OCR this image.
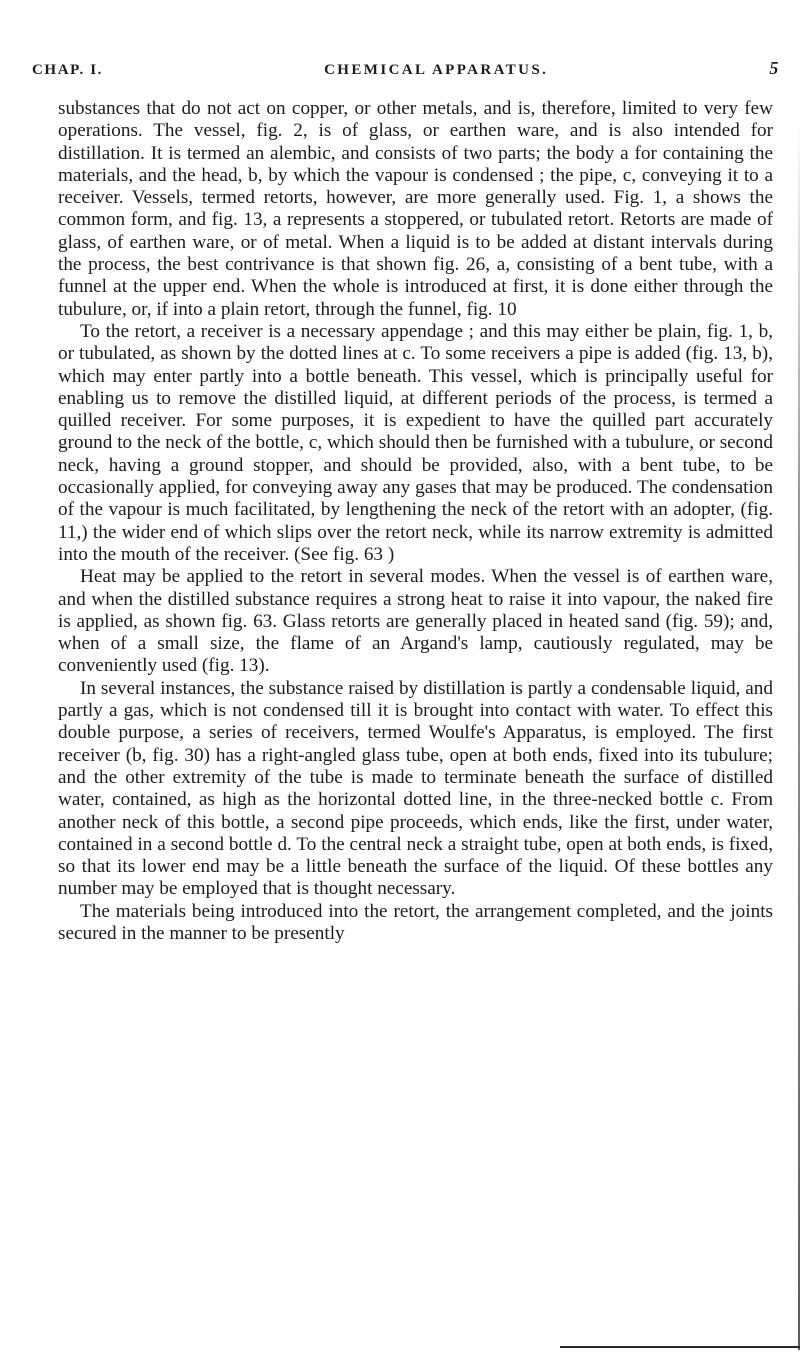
CHAP. I.	CHEMICAL APPARATUS.	5

substances that do not act on copper, or other metals, and is, therefore, limited to very few operations. The vessel, fig. 2, is of glass, or earthen ware, and is also intended for distillation. It is termed an alembic, and consists of two parts; the body a for containing the materials, and the head, b, by which the vapour is condensed ; the pipe, c, conveying it to a receiver. Vessels, termed retorts, however, are more generally used. Fig. 1, a shows the common form, and fig. 13, a represents a stoppered, or tubulated retort. Retorts are made of glass, of earthen ware, or of metal. When a liquid is to be added at distant intervals during the process, the best contrivance is that shown fig. 26, a, consisting of a bent tube, with a funnel at the upper end. When the whole is introduced at first, it is done either through the tubulure, or, if into a plain retort, through the funnel, fig. 10

To the retort, a receiver is a necessary appendage ; and this may either be plain, fig. 1, b, or tubulated, as shown by the dotted lines at c. To some receivers a pipe is added (fig. 13, b), which may enter partly into a bottle beneath. This vessel, which is principally useful for enabling us to remove the distilled liquid, at different periods of the process, is termed a quilled receiver. For some purposes, it is expedient to have the quilled part accurately ground to the neck of the bottle, c, which should then be furnished with a tubulure, or second neck, having a ground stopper, and should be provided, also, with a bent tube, to be occasionally applied, for conveying away any gases that may be produced. The condensation of the vapour is much facilitated, by lengthening the neck of the retort with an adopter, (fig. 11,) the wider end of which slips over the retort neck, while its narrow extremity is admitted into the mouth of the receiver. (See fig. 63 )

Heat may be applied to the retort in several modes. When the vessel is of earthen ware, and when the distilled substance requires a strong heat to raise it into vapour, the naked fire is applied, as shown fig. 63. Glass retorts are generally placed in heated sand (fig. 59); and, when of a small size, the flame of an Argand's lamp, cautiously regulated, may be conveniently used (fig. 13).

In several instances, the substance raised by distillation is partly a condensable liquid, and partly a gas, which is not condensed till it is brought into contact with water. To effect this double purpose, a series of receivers, termed Woulfe's Apparatus, is employed. The first receiver (b, fig. 30) has a right-angled glass tube, open at both ends, fixed into its tubulure; and the other extremity of the tube is made to terminate beneath the surface of distilled water, contained, as high as the horizontal dotted line, in the three-necked bottle c. From another neck of this bottle, a second pipe proceeds, which ends, like the first, under water, contained in a second bottle d. To the central neck a straight tube, open at both ends, is fixed, so that its lower end may be a little beneath the surface of the liquid. Of these bottles any number may be employed that is thought necessary.

The materials being introduced into the retort, the arrangement completed, and the joints secured in the manner to be presently
